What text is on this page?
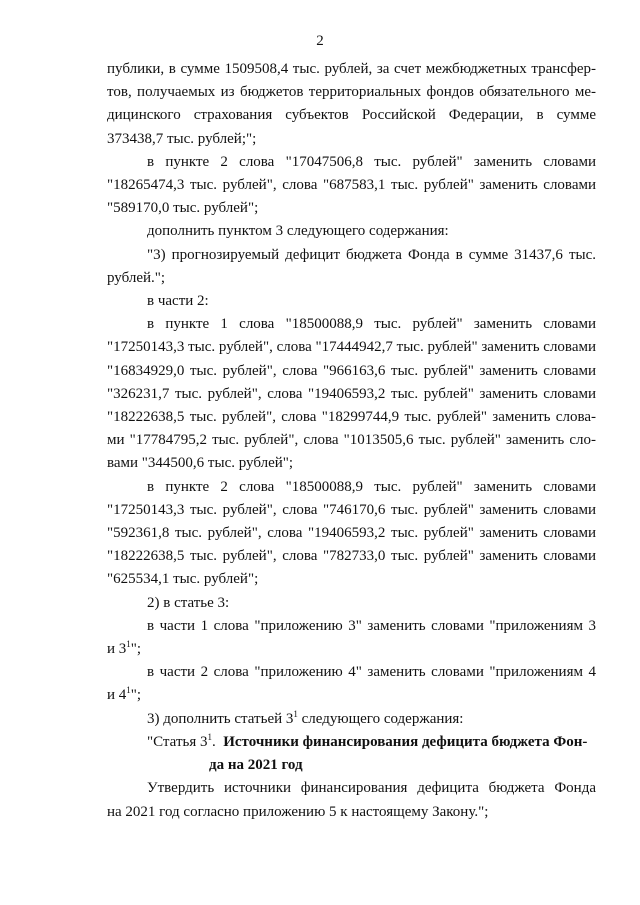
2

публики, в сумме 1509508,4 тыс. рублей, за счет межбюджетных трансфер-
тов, получаемых из бюджетов территориальных фондов обязательного ме-
дицинского страхования субъектов Российской Федерации, в сумме
373438,7 тыс. рублей;";

в пункте 2 слова "17047506,8 тыс. рублей" заменить словами
"18265474,3 тыс. рублей", слова "687583,1 тыс. рублей" заменить словами
"589170,0 тыс. рублей";

дополнить пунктом 3 следующего содержания:

"3) прогнозируемый дефицит бюджета Фонда в сумме 31437,6 тыс.
рублей.";

в части 2:

в пункте 1 слова "18500088,9 тыс. рублей" заменить словами
"17250143,3 тыс. рублей", слова "17444942,7 тыс. рублей" заменить словами
"16834929,0 тыс. рублей", слова "966163,6 тыс. рублей" заменить словами
"326231,7 тыс. рублей", слова "19406593,2 тыс. рублей" заменить словами
"18222638,5 тыс. рублей", слова "18299744,9 тыс. рублей" заменить слова-
ми "17784795,2 тыс. рублей", слова "1013505,6 тыс. рублей" заменить сло-
вами "344500,6 тыс. рублей";

в пункте 2 слова "18500088,9 тыс. рублей" заменить словами
"17250143,3 тыс. рублей", слова "746170,6 тыс. рублей" заменить словами
"592361,8 тыс. рублей", слова "19406593,2 тыс. рублей" заменить словами
"18222638,5 тыс. рублей", слова "782733,0 тыс. рублей" заменить словами
"625534,1 тыс. рублей";

2) в статье 3:

в части 1 слова "приложению 3" заменить словами "приложениям 3
и $3^1$";

в части 2 слова "приложению 4" заменить словами "приложениям 4
и $4^1$";

3) дополнить статьей $3^1$ следующего содержания:

"Статья $3^1$. Источники финансирования дефицита бюджета Фон-
да на 2021 год

Утвердить источники финансирования дефицита бюджета Фонда
на 2021 год согласно приложению 5 к настоящему Закону.";
